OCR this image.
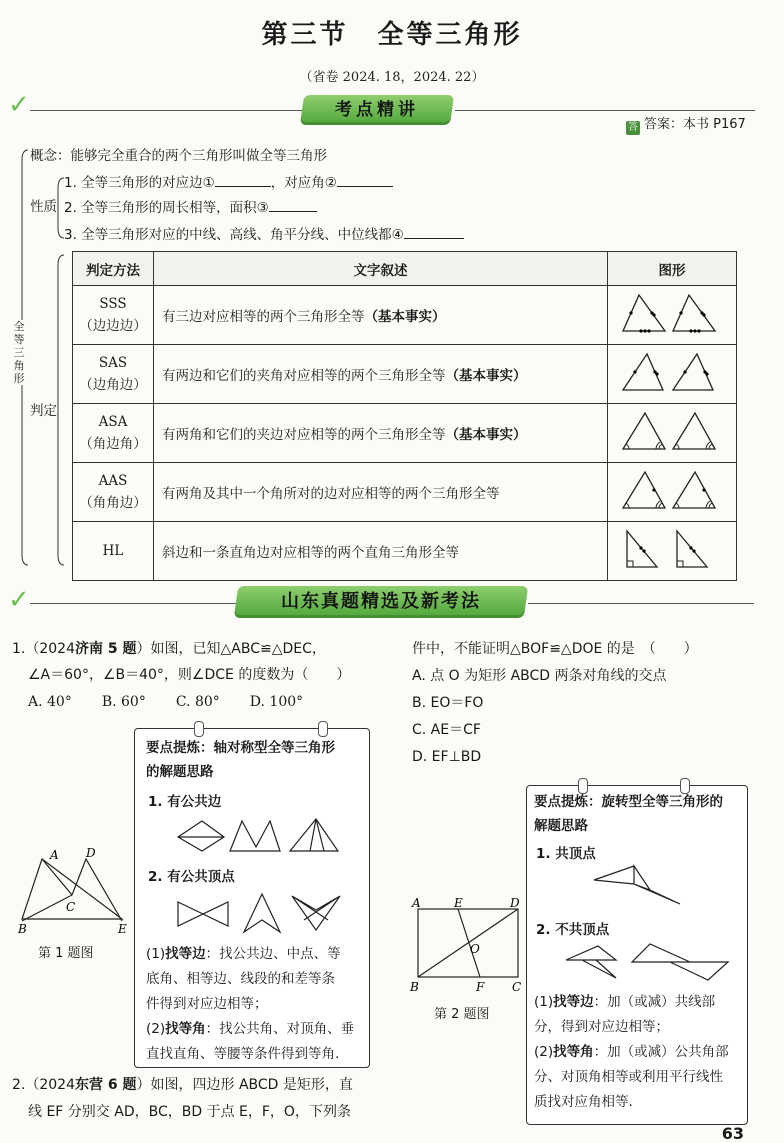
第三节　全等三角形
（省卷 2024. 18，2024. 22）
✓	考点精讲
答 答案：本书 P167
全等三角形
概念：能够完全重合的两个三角形叫做全等三角形
性质
1. 全等三角形的对应边①	，对应角②
2. 全等三角形的周长相等，面积③
3. 全等三角形对应的中线、高线、角平分线、中位线都④
判定
判定方法	文字叙述	图形

SSS
（边边边）	有三边对应相等的两个三角形全等（基本事实）	

SAS
（边角边）	有两边和它们的夹角对应相等的两个三角形全等（基本事实）	

ASA
（角边角）	有两角和它们的夹边对应相等的两个三角形全等（基本事实）	

AAS
（角角边）	有两角及其中一个角所对的边对应相等的两个三角形全等	

HL	斜边和一条直角边对应相等的两个直角三角形全等	
✓	山东真题精选及新考法
1.（2024济南 5 题）如图，已知△ABC≌△DEC，
∠A＝60°，∠B＝40°，则∠DCE 的度数为（　　）
A. 40° B. 60° C. 80° D. 100°
A D
C
B	E
第 1 题图
要点提炼：轴对称型全等三角形
的解题思路
1. 有公共边
2. 有公共顶点
(1)找等边：找公共边、中点、等
底角、相等边、线段的和差等条
件得到对应边相等；
(2)找等角：找公共角、对顶角、垂
直找直角、等腰等条件得到等角.
2.（2024东营 6 题）如图，四边形 ABCD 是矩形，直
线 EF 分别交 AD，BC，BD 于点 E，F，O，下列条
件中，不能证明△BOF≌△DOE 的是　（　　）
A. 点 O 为矩形 ABCD 两条对角线的交点
B. EO＝FO
C. AE＝CF
D. EF⊥BD
A	E	D
O
B	F C
第 2 题图
要点提炼：旋转型全等三角形的
解题思路
1. 共顶点
2. 不共顶点
(1)找等边：加（或减）共线部
分，得到对应边相等；
(2)找等角：加（或减）公共角部
分、对顶角相等或利用平行线性
质找对应角相等.
63
